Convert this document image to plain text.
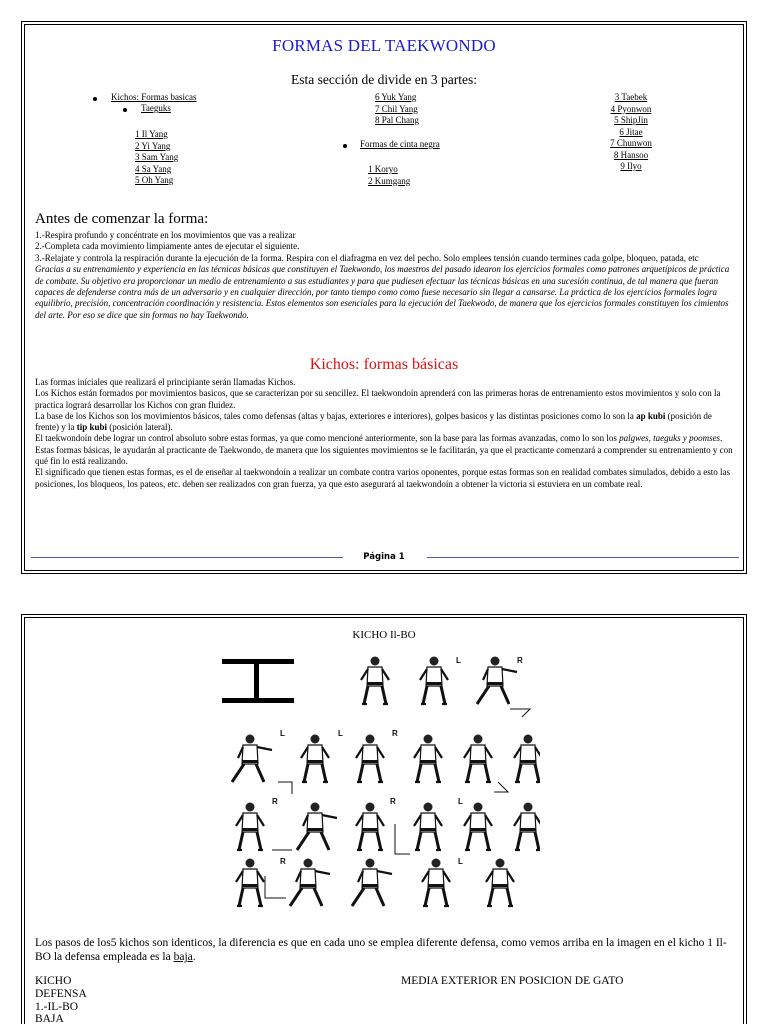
FORMAS DEL TAEKWONDO
Esta sección de divide en 3 partes:
Kichos: Formas basicas
Taeguks
1 Il Yang
2 Yi Yang
3 Sam Yang
4 Sa Yang
5 Oh Yang
6 Yuk Yang
7 Chil Yang
8 Pal Chang
Formas de cinta negra
1 Koryo
2 Kumgang
3 Taebek
4 Pyonwon
5 ShipJin
6 Jitae
7 Chunwon
8 Hansoo
9 Ilyo
Antes de comenzar la forma:
1.-Respira profundo y concéntrate en los movimientos que vas a realizar
2.-Completa cada movimiento limpiamente antes de ejecutar el siguiente.
3.-Relajate y controla la respiración durante la ejecución de la forma. Respira con el diafragma en vez del pecho. Solo emplees tensión cuando termines cada golpe, bloqueo, patada, etc
Gracias a su entrenamiento y experiencia en las técnicas básicas que constituyen el Taekwondo, los maestros del pasado idearon los ejercicios formales como patrones arquetípicos de práctica de combate. Su objetivo era proporcionar un medio de entrenamiento a sus estudiantes y para que pudiesen efectuar las técnicas básicas en una sucesión continua, de tal manera que fueran capaces de defenderse contra más de un adversario y en cualquier dirección, por tanto tiempo como como fuese necesario sin llegar a cansarse. La práctica de los ejercicios formales logra equilibrio, precisión, concentración coordinación y resistencia. Estos elementos son esenciales para la ejecución del Taekwodo, de manera que los ejercicios formales constituyen los cimientos del arte. Por eso se dice que sin formas no hay Taekwondo.
Kichos: formas básicas
Las formas iníciales que realizará el principiante serán llamadas Kichos.
Los Kichos están formados por movimientos basicos, que se caracterizan por su sencillez. El taekwondoín aprenderá con las primeras horas de entrenamiento estos movimientos y solo con la practica logrará desarrollar los Kichos con gran fluidez.
La base de los Kichos son los movimientos básicos, tales como defensas (altas y bajas, exteriores e interiores), golpes basicos y las distintas posiciones como lo son la ap kubi (posición de frente) y la tip kubi (posición lateral).
El taekwondoín debe lograr un control absoluto sobre estas formas, ya que como mencioné anteriormente, son la base para las formas avanzadas, como lo son los palgwes, taeguks y poomses.
Estas formas básicas, le ayudarán al practicante de Taekwondo, de manera que los siguientes movimientos se le facilitarán, ya que el practicante comenzará a comprender su entrenamiento y con qué fin lo está realizando.
El significado que tienen estas formas, es el de enseñar al taekwondoín a realizar un combate contra varios oponentes, porque estas formas son en realidad combates simulados, debido a esto las posiciones, los bloqueos, los pateos, etc. deben ser realizados con gran fuerza, ya que esto asegurará al taekwondoín a obtener la victoria si estuviera en un combate real.
Página 1
KICHO Il-BO
L	R
L	L	R
R	R	L
R	L
Los pasos de los5 kichos son identicos, la diferencia es que en cada uno se emplea diferente defensa, como vemos arriba en la imagen en el kicho 1 Il-BO la defensa empleada es la baja.
KICHO
DEFENSA
1.-IL-BO
BAJA
MEDIA EXTERIOR EN POSICION DE GATO
